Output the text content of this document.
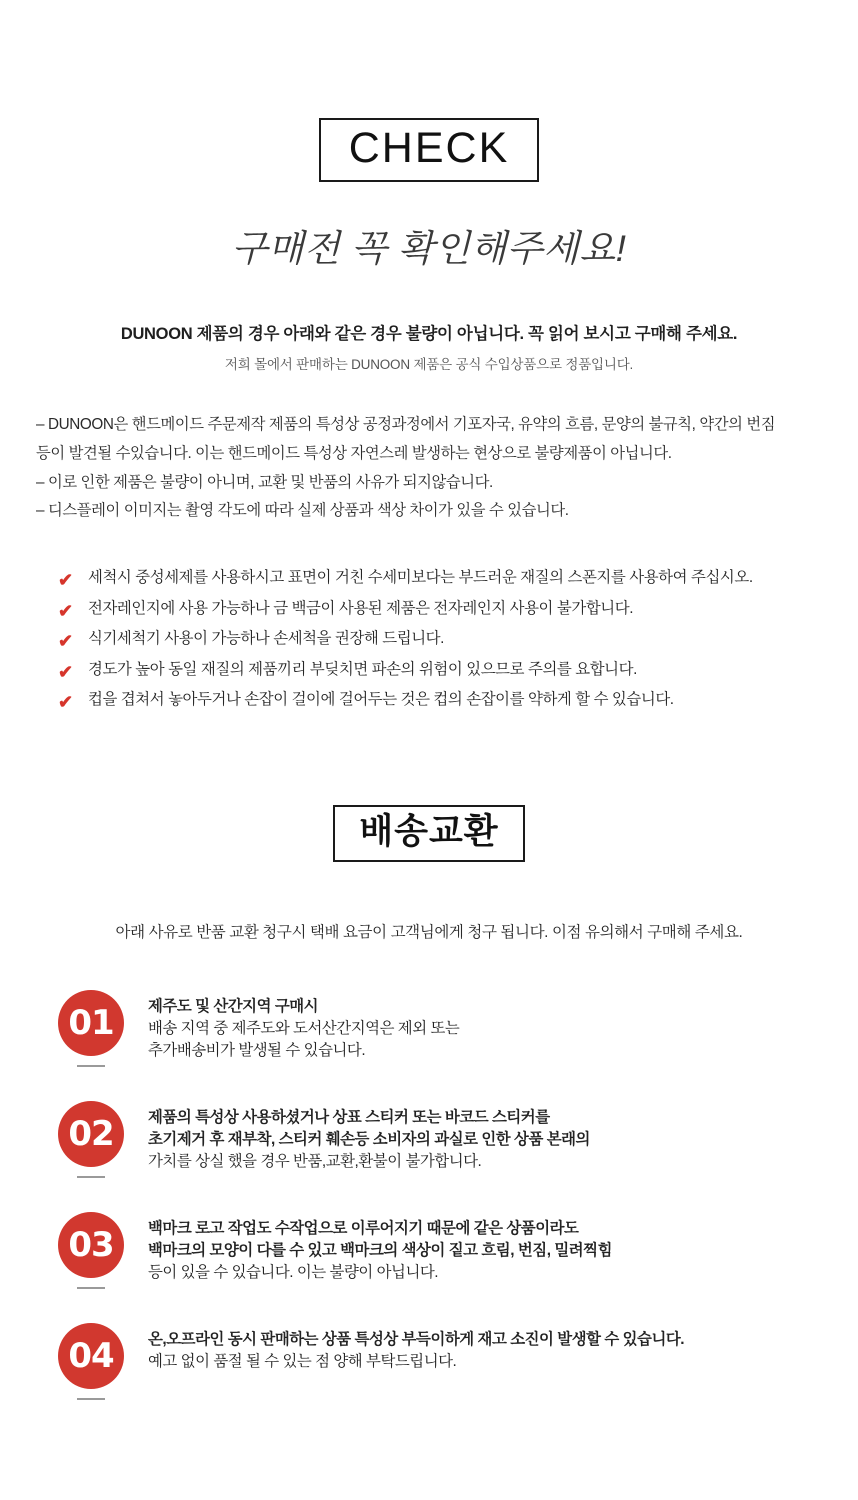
CHECK
구매전 꼭 확인해주세요!
DUNOON 제품의 경우 아래와 같은 경우 불량이 아닙니다. 꼭 읽어 보시고 구매해 주세요.
저희 몰에서 판매하는 DUNOON 제품은 공식 수입상품으로 정품입니다.
– DUNOON은 핸드메이드 주문제작 제품의 특성상 공정과정에서 기포자국, 유약의 흐름, 문양의 불규칙, 약간의 번짐
등이 발견될 수있습니다. 이는 핸드메이드 특성상 자연스레 발생하는 현상으로 불량제품이 아닙니다.
– 이로 인한 제품은 불량이 아니며, 교환 및 반품의 사유가 되지않습니다.
– 디스플레이 이미지는 촬영 각도에 따라 실제 상품과 색상 차이가 있을 수 있습니다.
✔ 세척시 중성세제를 사용하시고 표면이 거친 수세미보다는 부드러운 재질의 스폰지를 사용하여 주십시오.
✔ 전자레인지에 사용 가능하나 금 백금이 사용된 제품은 전자레인지 사용이 불가합니다.
✔ 식기세척기 사용이 가능하나 손세척을 권장해 드립니다.
✔ 경도가 높아 동일 재질의 제품끼리 부딪치면 파손의 위험이 있으므로 주의를 요합니다.
✔ 컵을 겹쳐서 놓아두거나 손잡이 걸이에 걸어두는 것은 컵의 손잡이를 약하게 할 수 있습니다.
배송교환
아래 사유로 반품 교환 청구시 택배 요금이 고객님에게 청구 됩니다. 이점 유의해서 구매해 주세요.
01	제주도 및 산간지역 구매시
배송 지역 중 제주도와 도서산간지역은 제외 또는
추가배송비가 발생될 수 있습니다.
02	제품의 특성상 사용하셨거나 상표 스티커 또는 바코드 스티커를
초기제거 후 재부착, 스티커 훼손등 소비자의 과실로 인한 상품 본래의
가치를 상실 했을 경우 반품,교환,환불이 불가합니다.
03	백마크 로고 작업도 수작업으로 이루어지기 때문에 같은 상품이라도
백마크의 모양이 다를 수 있고 백마크의 색상이 짙고 흐림, 번짐, 밀려찍힘
등이 있을 수 있습니다. 이는 불량이 아닙니다.
04	온,오프라인 동시 판매하는 상품 특성상 부득이하게 재고 소진이 발생할 수 있습니다.
예고 없이 품절 될 수 있는 점 양해 부탁드립니다.
